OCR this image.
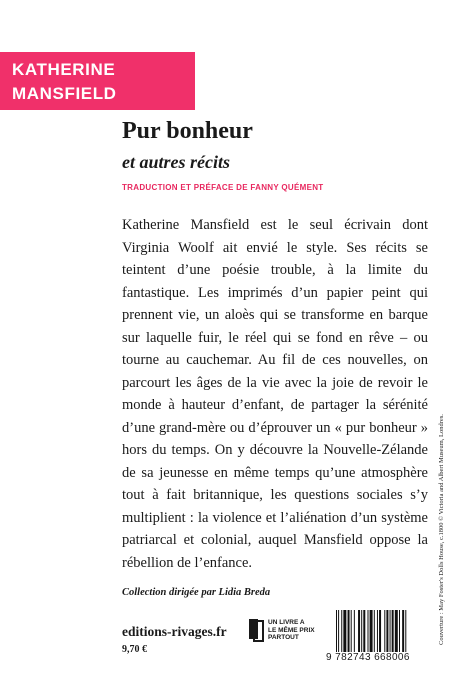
KATHERINE
MANSFIELD
Pur bonheur
et autres récits
TRADUCTION ET PRÉFACE DE FANNY QUÉMENT

Katherine Mansfield est le seul écrivain dont Virginia Woolf ait envié le style. Ses récits se teintent d’une poésie trouble, à la limite du fantastique. Les imprimés d’un papier peint qui prennent vie, un aloès qui se transforme en barque sur laquelle fuir, le réel qui se fond en rêve – ou tourne au cauchemar. Au fil de ces nouvelles, on parcourt les âges de la vie avec la joie de revoir le monde à hauteur d’enfant, de partager la sérénité d’une grand-mère ou d’éprouver un « pur bonheur » hors du temps. On y découvre la Nouvelle-Zélande de sa jeunesse en même temps qu’une atmosphère tout à fait britannique, les questions sociales s’y multiplient : la violence et l’aliénation d’un système patriarcal et colonial, auquel Mansfield oppose la rébellion de l’enfance.

Collection dirigée par Lidia Breda
editions-rivages.fr
9,70 €
UN LIVRE A
LE MÊME PRIX
PARTOUT
9 782743 668006
Couverture : May Foster's Dolls House, c.1800 © Victoria and Albert Museum, Londres.
